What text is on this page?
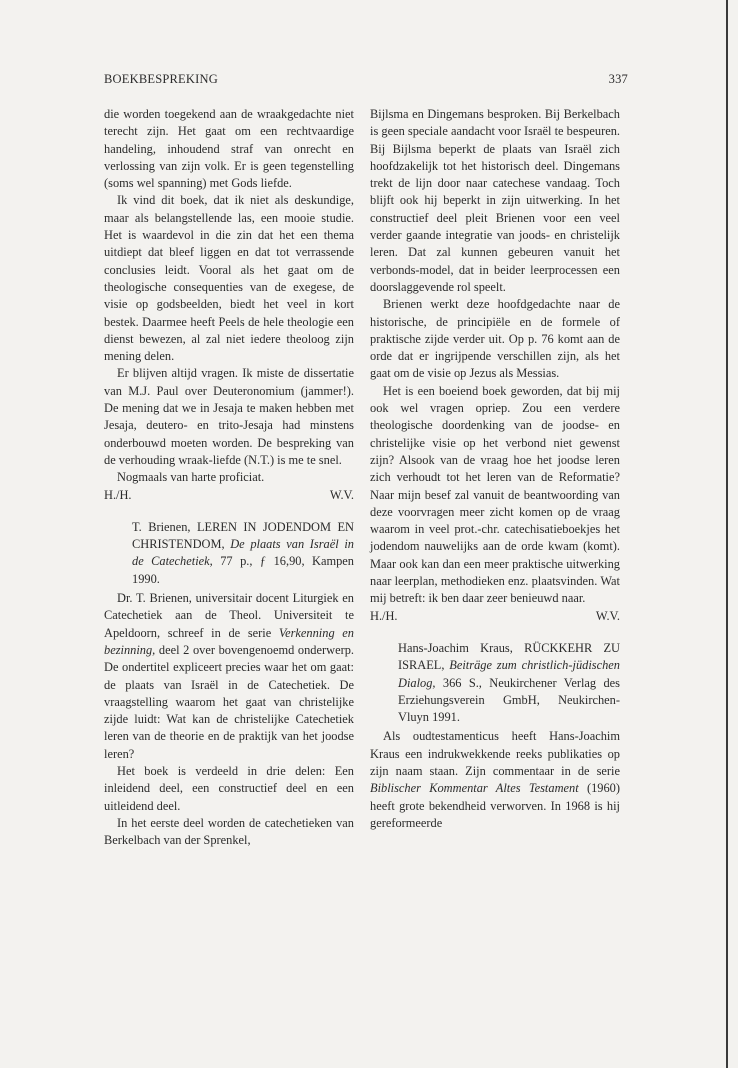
BOEKBESPREKING	337

die worden toegekend aan de wraakgedachte niet terecht zijn. Het gaat om een rechtvaardige handeling, inhoudend straf van onrecht en verlossing van zijn volk. Er is geen tegenstelling (soms wel spanning) met Gods liefde.

Ik vind dit boek, dat ik niet als deskundige, maar als belangstellende las, een mooie studie. Het is waardevol in die zin dat het een thema uitdiept dat bleef liggen en dat tot verrassende conclusies leidt. Vooral als het gaat om de theologische consequenties van de exegese, de visie op godsbeelden, biedt het veel in kort bestek. Daarmee heeft Peels de hele theologie een dienst bewezen, al zal niet iedere theoloog zijn mening delen.

Er blijven altijd vragen. Ik miste de dissertatie van M.J. Paul over Deuteronomium (jammer!). De mening dat we in Jesaja te maken hebben met Jesaja, deutero- en trito-Jesaja had minstens onderbouwd moeten worden. De bespreking van de verhouding wraak-liefde (N.T.) is me te snel.

Nogmaals van harte proficiat.

H./H.	W.V.

T. Brienen, LEREN IN JODENDOM EN CHRISTENDOM, De plaats van Israël in de Catechetiek, 77 p., ƒ 16,90, Kampen 1990.

Dr. T. Brienen, universitair docent Liturgiek en Catechetiek aan de Theol. Universiteit te Apeldoorn, schreef in de serie Verkenning en bezinning, deel 2 over bovengenoemd onderwerp. De ondertitel expliceert precies waar het om gaat: de plaats van Israël in de Catechetiek. De vraagstelling waarom het gaat van christelijke zijde luidt: Wat kan de christelijke Catechetiek leren van de theorie en de praktijk van het joodse leren?

Het boek is verdeeld in drie delen: Een inleidend deel, een constructief deel en een uitleidend deel.

In het eerste deel worden de catechetieken van Berkelbach van der Sprenkel,

Bijlsma en Dingemans besproken. Bij Berkelbach is geen speciale aandacht voor Israël te bespeuren. Bij Bijlsma beperkt de plaats van Israël zich hoofdzakelijk tot het historisch deel. Dingemans trekt de lijn door naar catechese vandaag. Toch blijft ook hij beperkt in zijn uitwerking. In het constructief deel pleit Brienen voor een veel verder gaande integratie van joods- en christelijk leren. Dat zal kunnen gebeuren vanuit het verbonds-model, dat in beider leerprocessen een doorslaggevende rol speelt.

Brienen werkt deze hoofdgedachte naar de historische, de principiële en de formele of praktische zijde verder uit. Op p. 76 komt aan de orde dat er ingrijpende verschillen zijn, als het gaat om de visie op Jezus als Messias.

Het is een boeiend boek geworden, dat bij mij ook wel vragen opriep. Zou een verdere theologische doordenking van de joodse- en christelijke visie op het verbond niet gewenst zijn? Alsook van de vraag hoe het joodse leren zich verhoudt tot het leren van de Reformatie? Naar mijn besef zal vanuit de beantwoording van deze voorvragen meer zicht komen op de vraag waarom in veel prot.-chr. catechisatieboekjes het jodendom nauwelijks aan de orde kwam (komt). Maar ook kan dan een meer praktische uitwerking naar leerplan, methodieken enz. plaatsvinden. Wat mij betreft: ik ben daar zeer benieuwd naar.

H./H.	W.V.

Hans-Joachim Kraus, RÜCKKEHR ZU ISRAEL, Beiträge zum christlich-jüdischen Dialog, 366 S., Neukirchener Verlag des Erziehungsverein GmbH, Neukirchen-Vluyn 1991.

Als oudtestamenticus heeft Hans-Joachim Kraus een indrukwekkende reeks publikaties op zijn naam staan. Zijn commentaar in de serie Biblischer Kommentar Altes Testament (1960) heeft grote bekendheid verworven. In 1968 is hij gereformeerde
